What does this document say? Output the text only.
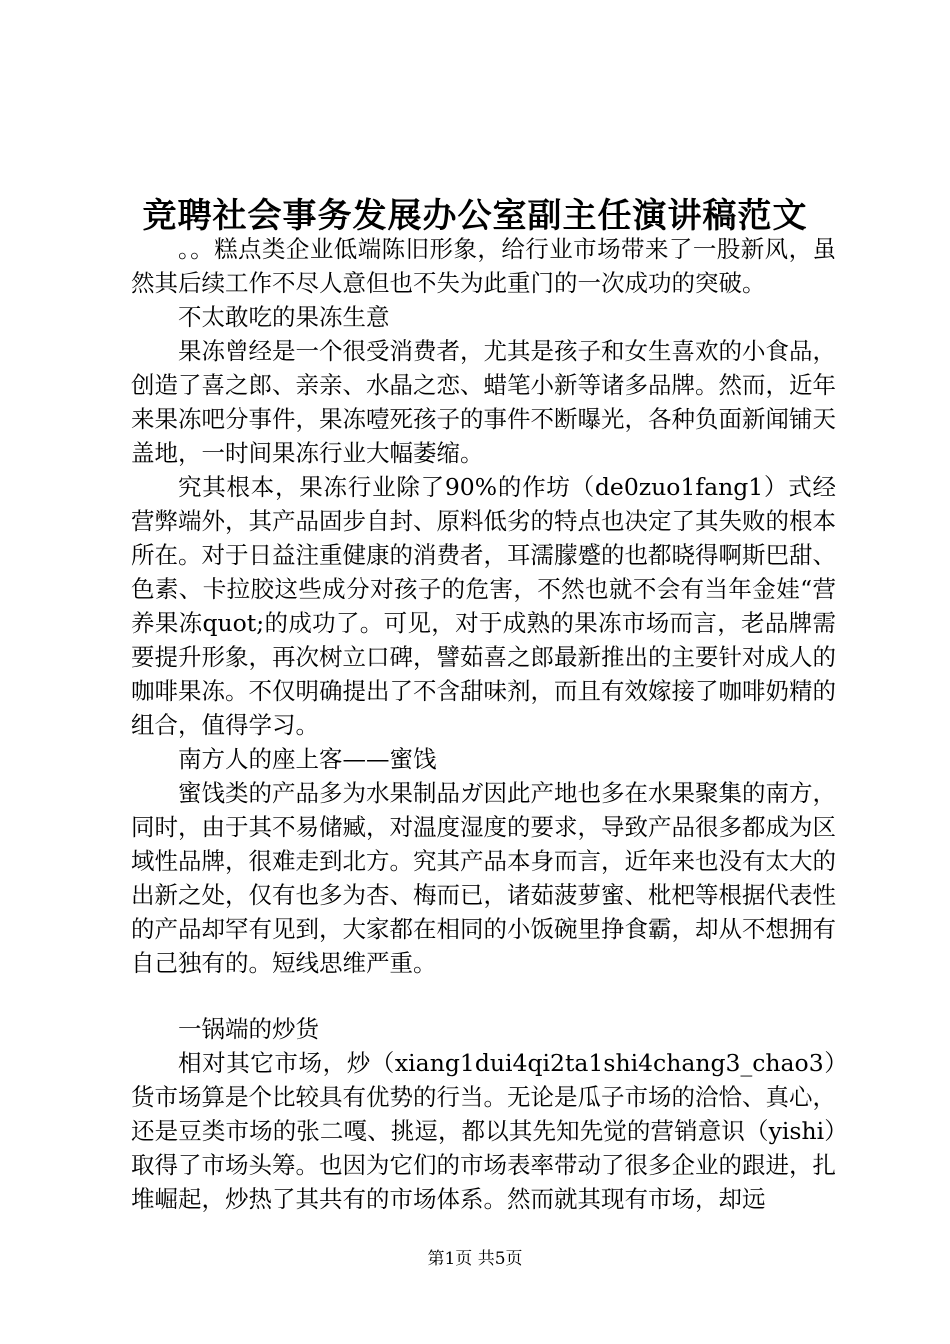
竞聘社会事务发展办公室副主任演讲稿范文

。。糕点类企业低端陈旧形象，给行业市场带来了一股新风，虽然其后续工作不尽人意但也不失为此重门的一次成功的突破。

不太敢吃的果冻生意

果冻曾经是一个很受消费者，尤其是孩子和女生喜欢的小食品，创造了喜之郎、亲亲、水晶之恋、蜡笔小新等诸多品牌。然而，近年来果冻吧分事件，果冻噎死孩子的事件不断曝光，各种负面新闻铺天盖地，一时间果冻行业大幅萎缩。

究其根本，果冻行业除了90%的作坊（de0zuo1fang1）式经营弊端外，其产品固步自封、原料低劣的特点也决定了其失败的根本所在。对于日益注重健康的消费者，耳濡朦蹙的也都晓得啊斯巴甜、色素、卡拉胶这些成分对孩子的危害，不然也就不会有当年金娃“营养果冻quot;的成功了。可见，对于成熟的果冻市场而言，老品牌需要提升形象，再次树立口碑，譬茹喜之郎最新推出的主要针对成人的咖啡果冻。不仅明确提出了不含甜味剂，而且有效嫁接了咖啡奶精的组合，值得学习。

南方人的座上客——蜜饯

蜜饯类的产品多为水果制品ガ因此产地也多在水果聚集的南方，同时，由于其不易储臧，对温度湿度的要求，导致产品很多都成为区域性品牌，很难走到北方。究其产品本身而言，近年来也没有太大的出新之处，仅有也多为杏、梅而已，诸茹菠萝蜜、枇杷等根据代表性的产品却罕有见到，大家都在相同的小饭碗里挣食霸，却从不想拥有自己独有的。短线思维严重。

一锅端的炒货

相对其它市场，炒（xiang1dui4qi2ta1shi4chang3_chao3）货市场算是个比较具有优势的行当。无论是瓜子市场的洽恰、真心，还是豆类市场的张二嘎、挑逗，都以其先知先觉的营销意识（yishi）取得了市场头筹。也因为它们的市场表率带动了很多企业的跟进，扎堆崛起，炒热了其共有的市场体系。然而就其现有市场，却远

第1页 共5页
